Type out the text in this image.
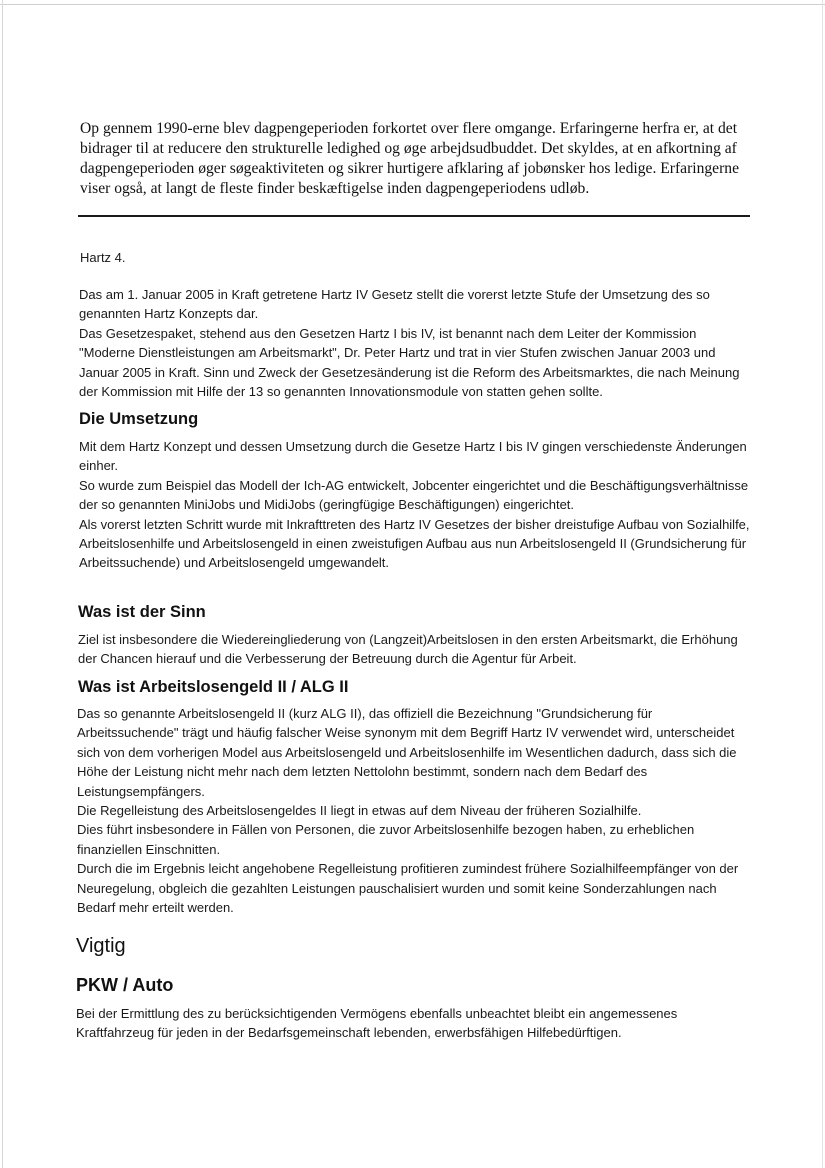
Op gennem 1990-erne blev dagpengeperioden forkortet over flere omgange. Erfaringerne herfra er, at det bidrager til at reducere den strukturelle ledighed og øge arbejdsudbuddet. Det skyldes, at en afkortning af dagpengeperioden øger søgeaktiviteten og sikrer hurtigere afklaring af jobønsker hos ledige. Erfaringerne viser også, at langt de fleste finder beskæftigelse inden dagpengeperiodens udløb.

Hartz 4.

Das am 1. Januar 2005 in Kraft getretene Hartz IV Gesetz stellt die vorerst letzte Stufe der Umsetzung des so genannten Hartz Konzepts dar.

Das Gesetzespaket, stehend aus den Gesetzen Hartz I bis IV, ist benannt nach dem Leiter der Kommission "Moderne Dienstleistungen am Arbeitsmarkt", Dr. Peter Hartz und trat in vier Stufen zwischen Januar 2003 und Januar 2005 in Kraft. Sinn und Zweck der Gesetzesänderung ist die Reform des Arbeitsmarktes, die nach Meinung der Kommission mit Hilfe der 13 so genannten Innovationsmodule von statten gehen sollte.

Die Umsetzung

Mit dem Hartz Konzept und dessen Umsetzung durch die Gesetze Hartz I bis IV gingen verschiedenste Änderungen einher.

So wurde zum Beispiel das Modell der Ich-AG entwickelt, Jobcenter eingerichtet und die Beschäftigungsverhältnisse der so genannten MiniJobs und MidiJobs (geringfügige Beschäftigungen) eingerichtet.

Als vorerst letzten Schritt wurde mit Inkrafttreten des Hartz IV Gesetzes der bisher dreistufige Aufbau von Sozialhilfe, Arbeitslosenhilfe und Arbeitslosengeld in einen zweistufigen Aufbau aus nun Arbeitslosengeld II (Grundsicherung für Arbeitssuchende) und Arbeitslosengeld umgewandelt.

Was ist der Sinn

Ziel ist insbesondere die Wiedereingliederung von (Langzeit)Arbeitslosen in den ersten Arbeitsmarkt, die Erhöhung der Chancen hierauf und die Verbesserung der Betreuung durch die Agentur für Arbeit.

Was ist Arbeitslosengeld II / ALG II

Das so genannte Arbeitslosengeld II (kurz ALG II), das offiziell die Bezeichnung "Grundsicherung für Arbeitssuchende" trägt und häufig falscher Weise synonym mit dem Begriff Hartz IV verwendet wird, unterscheidet sich von dem vorherigen Model aus Arbeitslosengeld und Arbeitslosenhilfe im Wesentlichen dadurch, dass sich die Höhe der Leistung nicht mehr nach dem letzten Nettolohn bestimmt, sondern nach dem Bedarf des Leistungsempfängers.

Die Regelleistung des Arbeitslosengeldes II liegt in etwas auf dem Niveau der früheren Sozialhilfe.

Dies führt insbesondere in Fällen von Personen, die zuvor Arbeitslosenhilfe bezogen haben, zu erheblichen finanziellen Einschnitten.

Durch die im Ergebnis leicht angehobene Regelleistung profitieren zumindest frühere Sozialhilfeempfänger von der Neuregelung, obgleich die gezahlten Leistungen pauschalisiert wurden und somit keine Sonderzahlungen nach Bedarf mehr erteilt werden.

Vigtig

PKW / Auto

Bei der Ermittlung des zu berücksichtigenden Vermögens ebenfalls unbeachtet bleibt ein angemessenes Kraftfahrzeug für jeden in der Bedarfsgemeinschaft lebenden, erwerbsfähigen Hilfebedürftigen.
